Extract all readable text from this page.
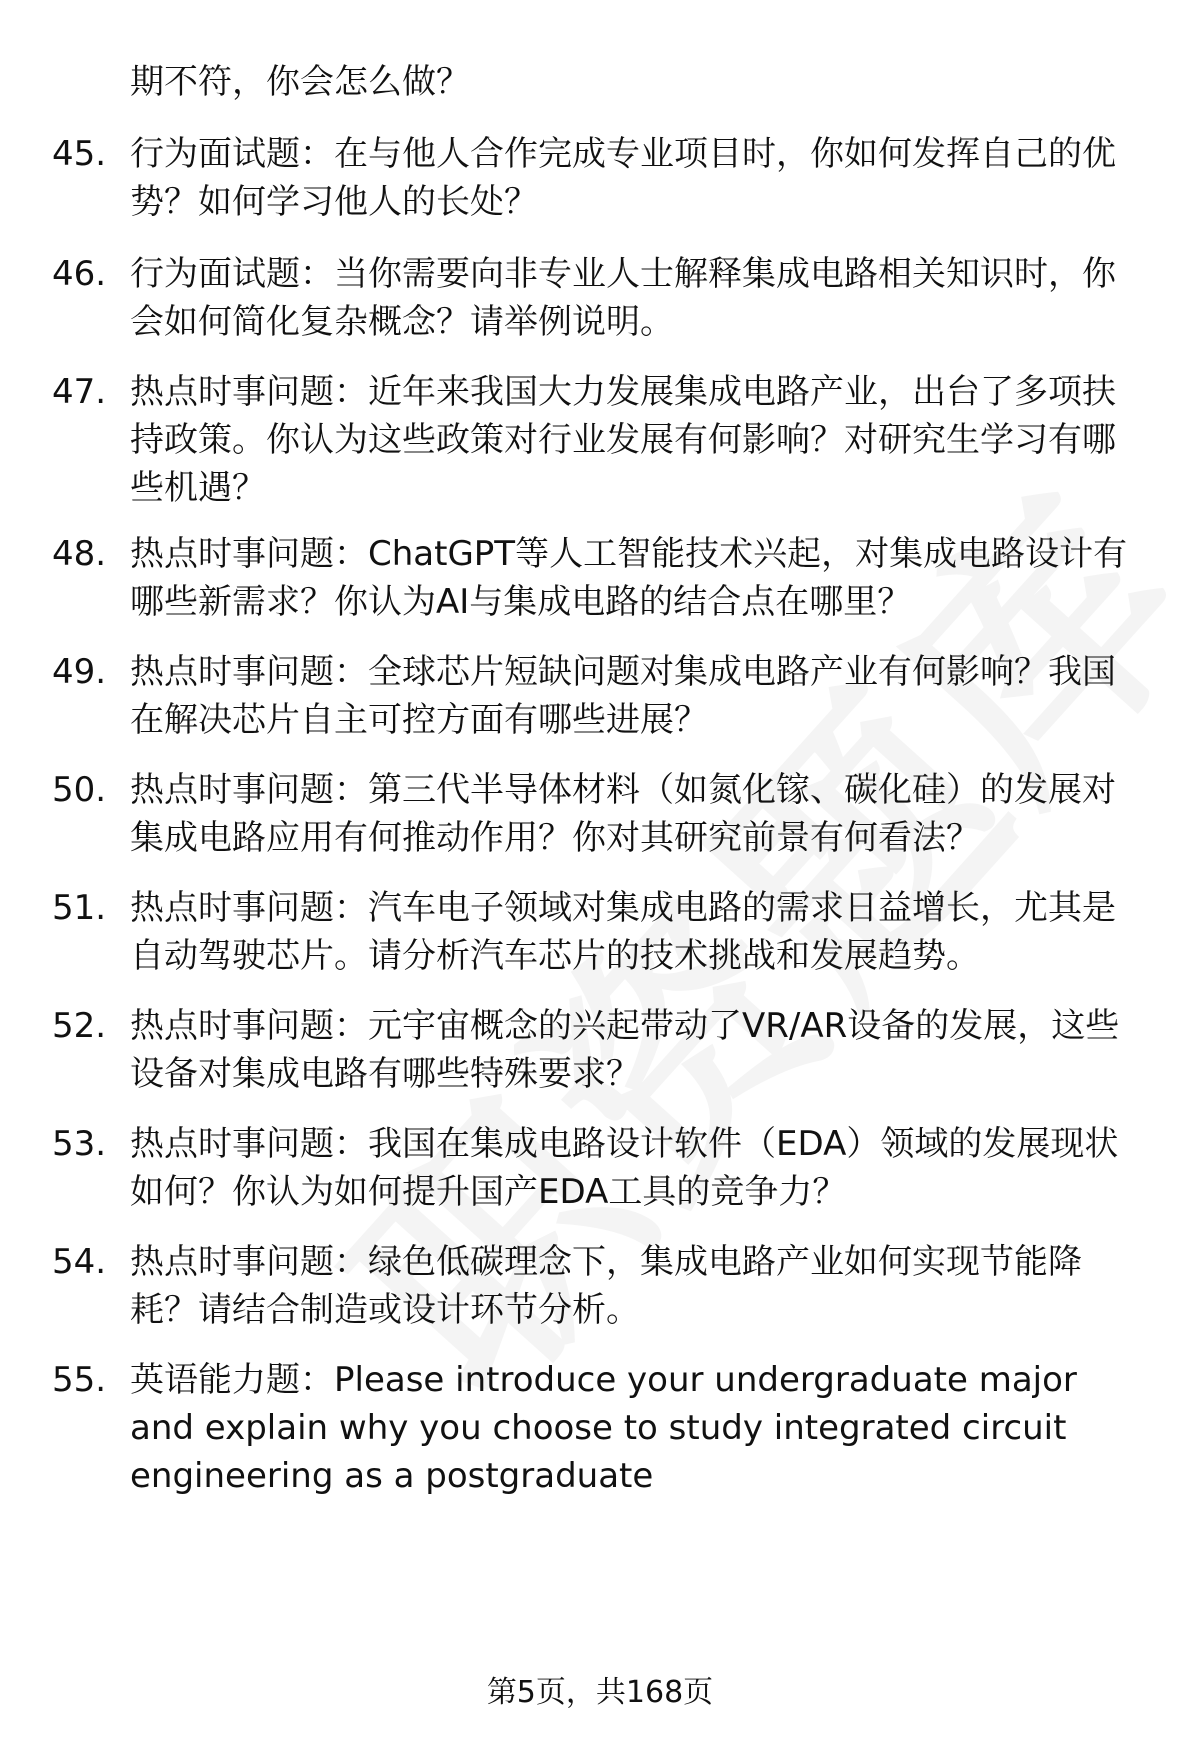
期不符，你会怎么做？
45. 行为面试题：在与他人合作完成专业项目时，你如何发挥自己的优势？如何学习他人的长处？
46. 行为面试题：当你需要向非专业人士解释集成电路相关知识时，你会如何简化复杂概念？请举例说明。
47. 热点时事问题：近年来我国大力发展集成电路产业，出台了多项扶持政策。你认为这些政策对行业发展有何影响？对研究生学习有哪些机遇？
48. 热点时事问题：ChatGPT等人工智能技术兴起，对集成电路设计有哪些新需求？你认为AI与集成电路的结合点在哪里？
49. 热点时事问题：全球芯片短缺问题对集成电路产业有何影响？我国在解决芯片自主可控方面有哪些进展？
50. 热点时事问题：第三代半导体材料（如氮化镓、碳化硅）的发展对集成电路应用有何推动作用？你对其研究前景有何看法？
51. 热点时事问题：汽车电子领域对集成电路的需求日益增长，尤其是自动驾驶芯片。请分析汽车芯片的技术挑战和发展趋势。
52. 热点时事问题：元宇宙概念的兴起带动了VR/AR设备的发展，这些设备对集成电路有哪些特殊要求？
53. 热点时事问题：我国在集成电路设计软件（EDA）领域的发展现状如何？你认为如何提升国产EDA工具的竞争力？
54. 热点时事问题：绿色低碳理念下，集成电路产业如何实现节能降耗？请结合制造或设计环节分析。
55. 英语能力题：Please introduce your undergraduate major and explain why you choose to study integrated circuit engineering as a postgraduate
第5页，共168页
